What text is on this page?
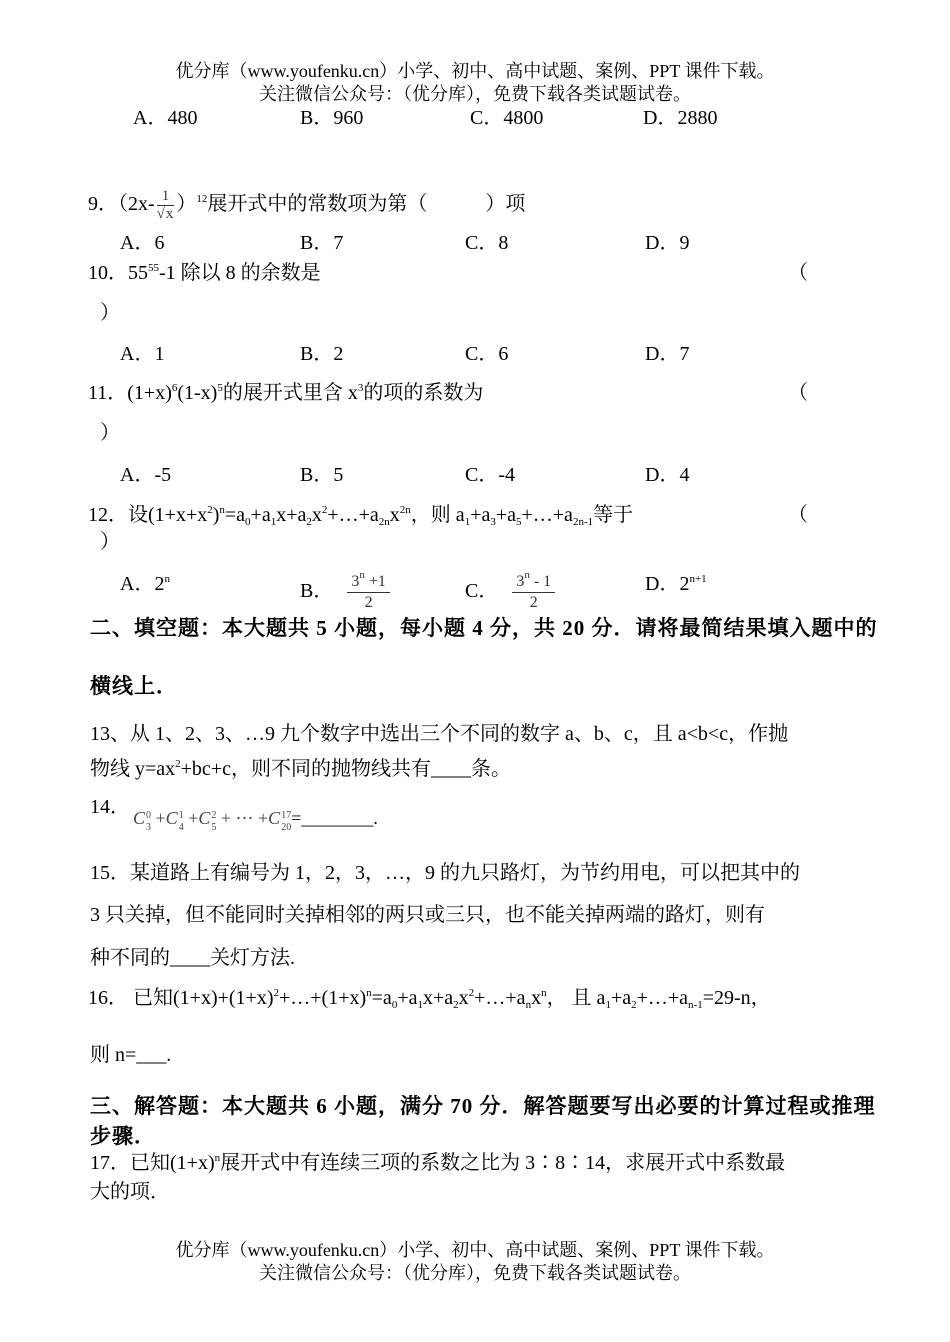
优分库（www.youfenku.cn）小学、初中、高中试题、案例、PPT 课件下载。
关注微信公众号：（优分库），免费下载各类试题试卷。
A．480	B．960	C．4800	D．2880
9．$(2x- \frac{1}{√x} )^{12}$展开式中的常数项为第（	）项
A．6	B．7	C．8	D．9
10．$55^{55}-1$ 除以 8 的余数是	（
）
A．1	B．2	C．6	D．7
11．$(1+x)^6(1-x)^5$的展开式里含 $x^3$的项的系数为	（
）
A．-5	B．5	C．-4	D．4
12．设$(1+x+x^2)^n=a_0+a_1x+a_2x^2+\dots+a_{2n}x^{2n}$，则 $a_1+a_3+a_5+\dots+a_{2n-1}$等于	（
）
A．2$^n$
B． $\frac{3^n +1}{2}$	C． $\frac{3^n - 1}{2}$	D．$2^{n+1}$
二、填空题：本大题共 5 小题，每小题 4 分，共 20 分．请将最简结果填入题中的
横线上．
13、从 1、2、3、…9 九个数字中选出三个不同的数字 a、b、c，且 a<b<c，作抛
物线 $y=ax^2+bc+c$，则不同的抛物线共有____条。
14． C 0
3 +C 1
4 +C 2
5 + ⋯ +C 17
20 =________.
15．某道路上有编号为 1，2，3，…，9 的九只路灯，为节约用电，可以把其中的
3 只关掉，但不能同时关掉相邻的两只或三只，也不能关掉两端的路灯，则有
种不同的____关灯方法.
16． 已知$(1+x)+(1+x)^2+\dots+(1+x)^n=a_0+a_1x+a_2x^2+\dots+a_nx^n$， 且 $a_1+a_2+\dots+a_{n-1}=29-n$，
则 n=___.
三、解答题：本大题共 6 小题，满分 70 分．解答题要写出必要的计算过程或推理
步骤．
17．已知$(1+x)^n$展开式中有连续三项的系数之比为 3∶8∶14，求展开式中系数最
大的项．
优分库（www.youfenku.cn）小学、初中、高中试题、案例、PPT 课件下载。
关注微信公众号：（优分库），免费下载各类试题试卷。
